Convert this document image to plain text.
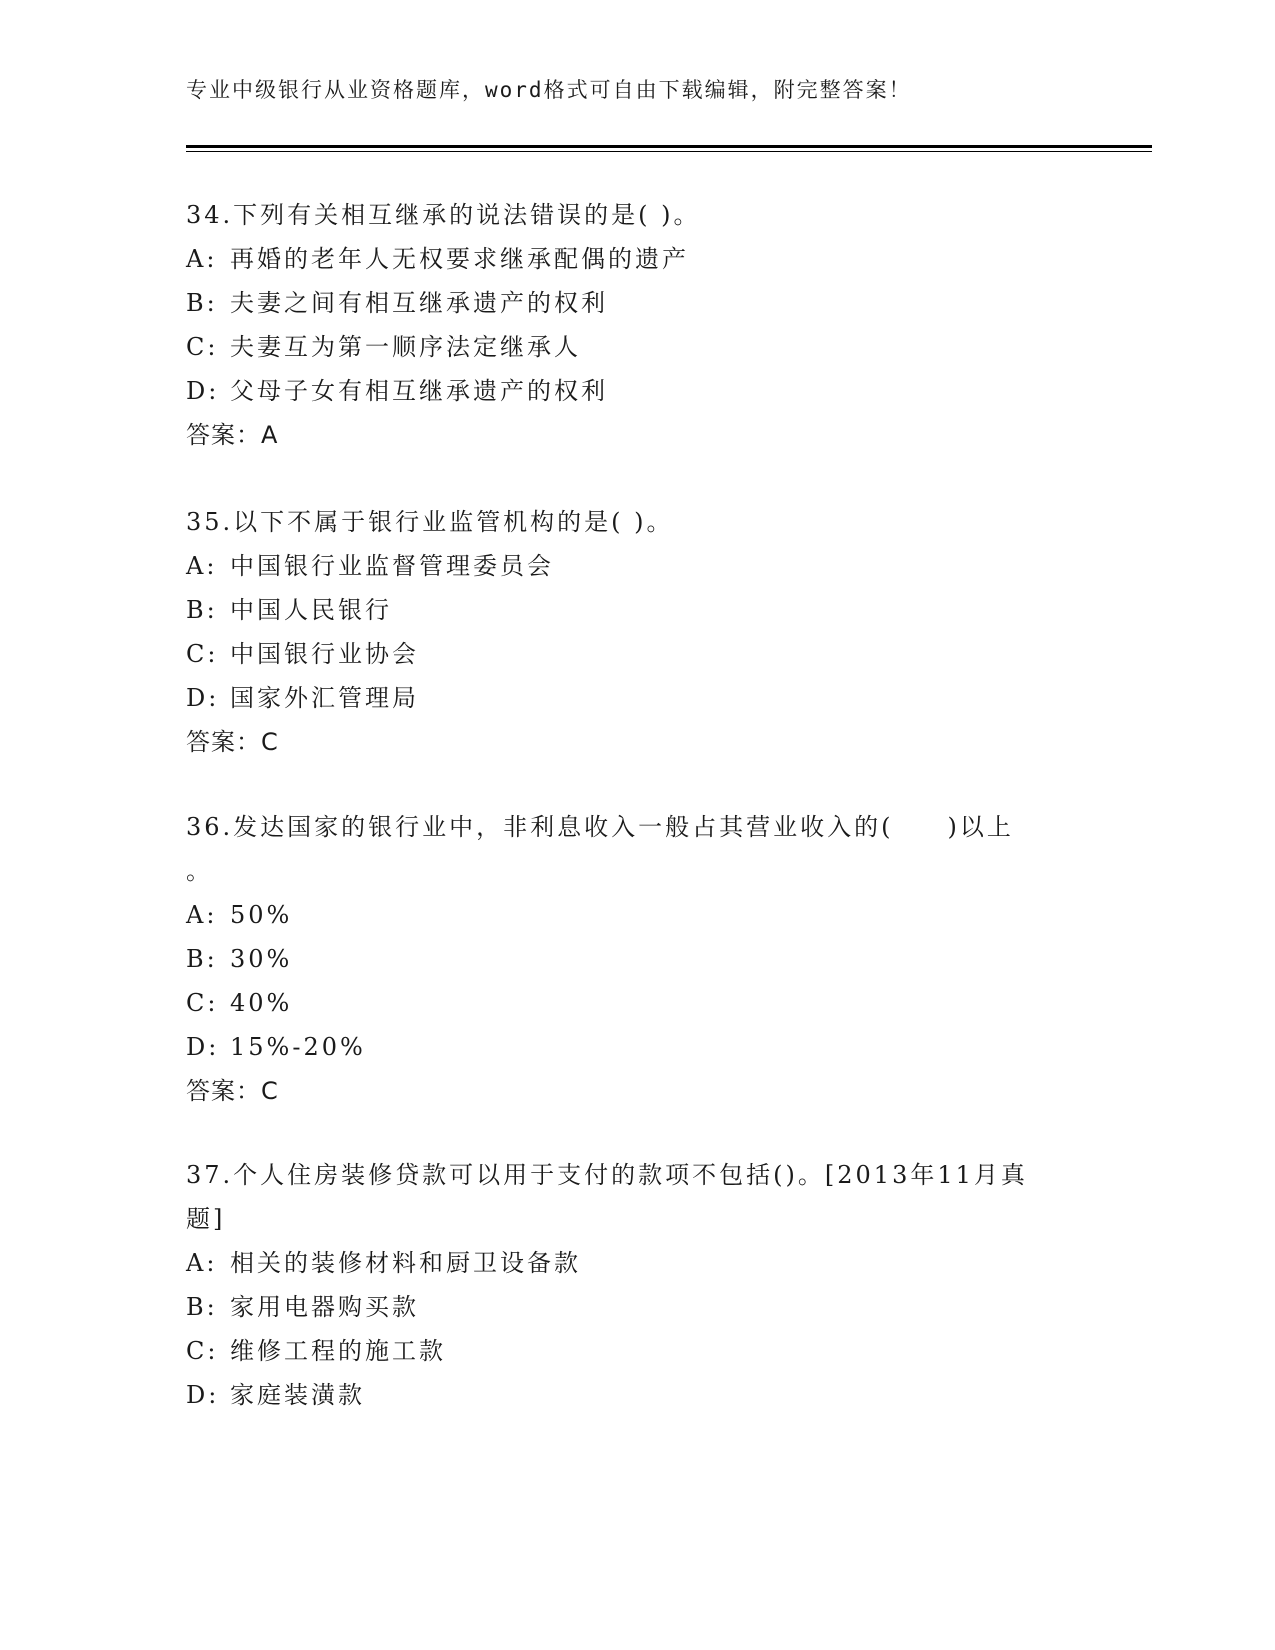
专业中级银行从业资格题库，word格式可自由下载编辑，附完整答案！
34.下列有关相互继承的说法错误的是( )。
A: 再婚的老年人无权要求继承配偶的遗产
B: 夫妻之间有相互继承遗产的权利
C: 夫妻互为第一顺序法定继承人
D: 父母子女有相互继承遗产的权利
答案：A
35.以下不属于银行业监管机构的是( )。
A: 中国银行业监督管理委员会
B: 中国人民银行
C: 中国银行业协会
D: 国家外汇管理局
答案：C
36.发达国家的银行业中，非利息收入一般占其营业收入的(　　)以上
。
A: 50%
B: 30%
C: 40%
D: 15%-20%
答案：C
37.个人住房装修贷款可以用于支付的款项不包括()。[2013年11月真
题]
A: 相关的装修材料和厨卫设备款
B: 家用电器购买款
C: 维修工程的施工款
D: 家庭装潢款
